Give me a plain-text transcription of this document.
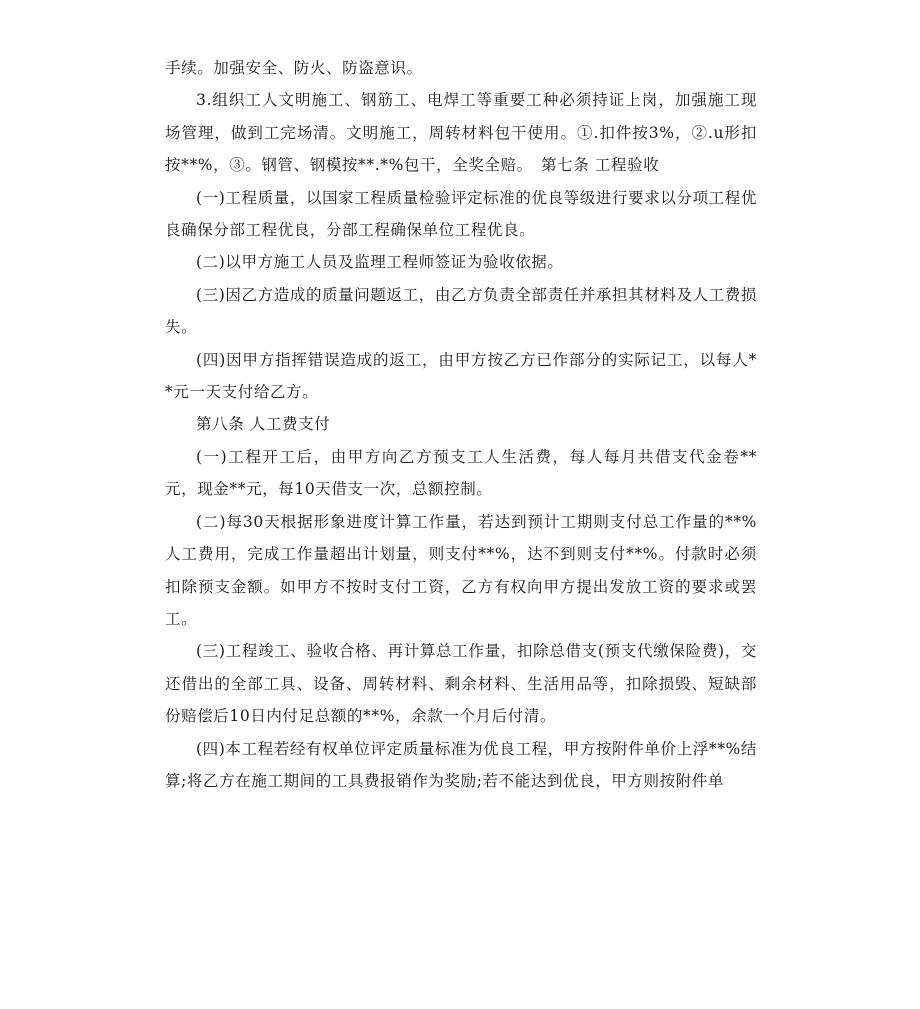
手续。加强安全、防火、防盗意识。

3.组织工人文明施工、钢筋工、电焊工等重要工种必须持证上岗，加强施工现场管理，做到工完场清。文明施工，周转材料包干使用。①.扣件按3%，②.u形扣按**%，③。钢管、钢模按**.*%包干，全奖全赔。　第七条 工程验收

(一)工程质量，以国家工程质量检验评定标准的优良等级进行要求以分项工程优良确保分部工程优良，分部工程确保单位工程优良。

(二)以甲方施工人员及监理工程师签证为验收依据。

(三)因乙方造成的质量问题返工，由乙方负责全部责任并承担其材料及人工费损失。

(四)因甲方指挥错误造成的返工，由甲方按乙方已作部分的实际记工，以每人**元一天支付给乙方。

第八条 人工费支付

(一)工程开工后，由甲方向乙方预支工人生活费，每人每月共借支代金卷**元，现金**元，每10天借支一次，总额控制。

(二)每30天根据形象进度计算工作量，若达到预计工期则支付总工作量的**%人工费用，完成工作量超出计划量，则支付**%，达不到则支付**%。付款时必须扣除预支金额。如甲方不按时支付工资，乙方有权向甲方提出发放工资的要求或罢工。

(三)工程竣工、验收合格、再计算总工作量，扣除总借支(预支代缴保险费)，交还借出的全部工具、设备、周转材料、剩余材料、生活用品等，扣除损毁、短缺部份赔偿后10日内付足总额的**%，余款一个月后付清。

(四)本工程若经有权单位评定质量标准为优良工程，甲方按附件单价上浮**%结算;将乙方在施工期间的工具费报销作为奖励;若不能达到优良，甲方则按附件单
